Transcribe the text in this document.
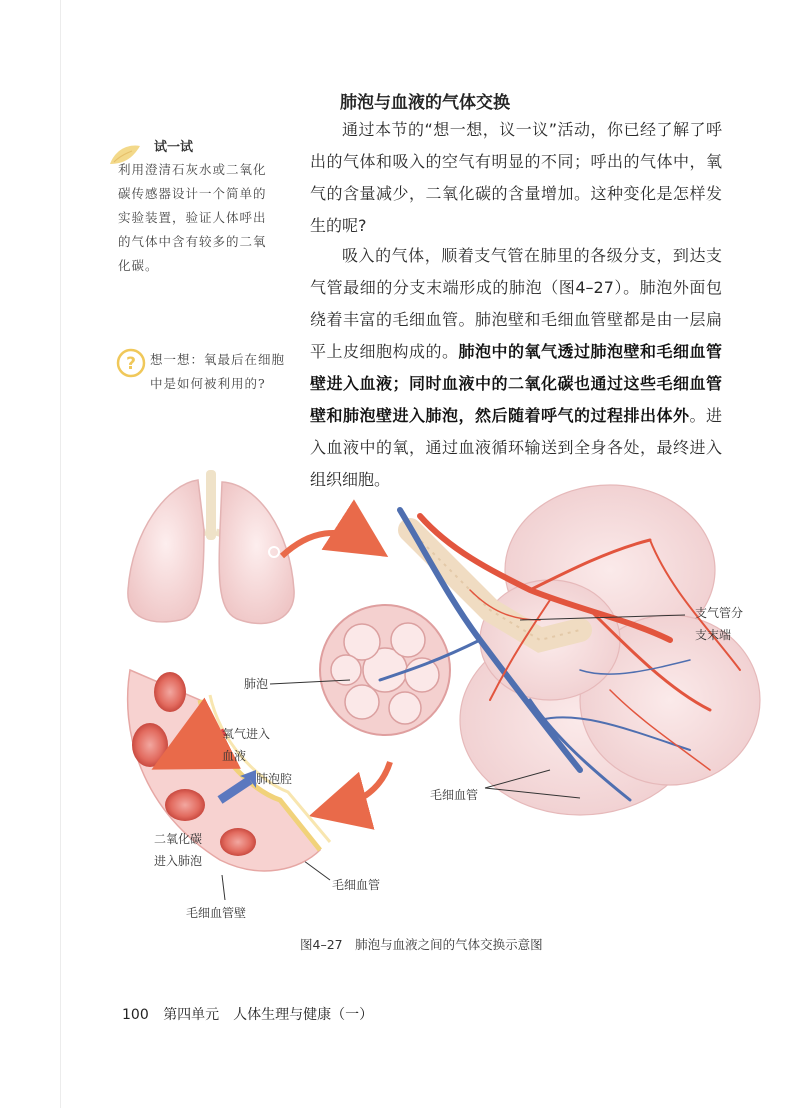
试一试
利用澄清石灰水或二氧化碳传感器设计一个简单的实验装置，验证人体呼出的气体中含有较多的二氧化碳。
? 想一想：氧最后在细胞中是如何被利用的?
肺泡与血液的气体交换
通过本节的“想一想，议一议”活动，你已经了解了呼出的气体和吸入的空气有明显的不同；呼出的气体中，氧气的含量减少，二氧化碳的含量增加。这种变化是怎样发生的呢?
吸入的气体，顺着支气管在肺里的各级分支，到达支气管最细的分支末端形成的肺泡（图4–27）。肺泡外面包绕着丰富的毛细血管。肺泡壁和毛细血管壁都是由一层扁平上皮细胞构成的。肺泡中的氧气透过肺泡壁和毛细血管壁进入血液；同时血液中的二氧化碳也通过这些毛细血管壁和肺泡壁进入肺泡，然后随着呼气的过程排出体外。进入血液中的氧，通过血液循环输送到全身各处，最终进入组织细胞。
支气管分
支末端
肺泡
氧气进入
血液
肺泡腔
毛细血管
二氧化碳
进入肺泡
毛细血管
毛细血管壁
图4–27　肺泡与血液之间的气体交换示意图
100 第四单元　人体生理与健康（一）
